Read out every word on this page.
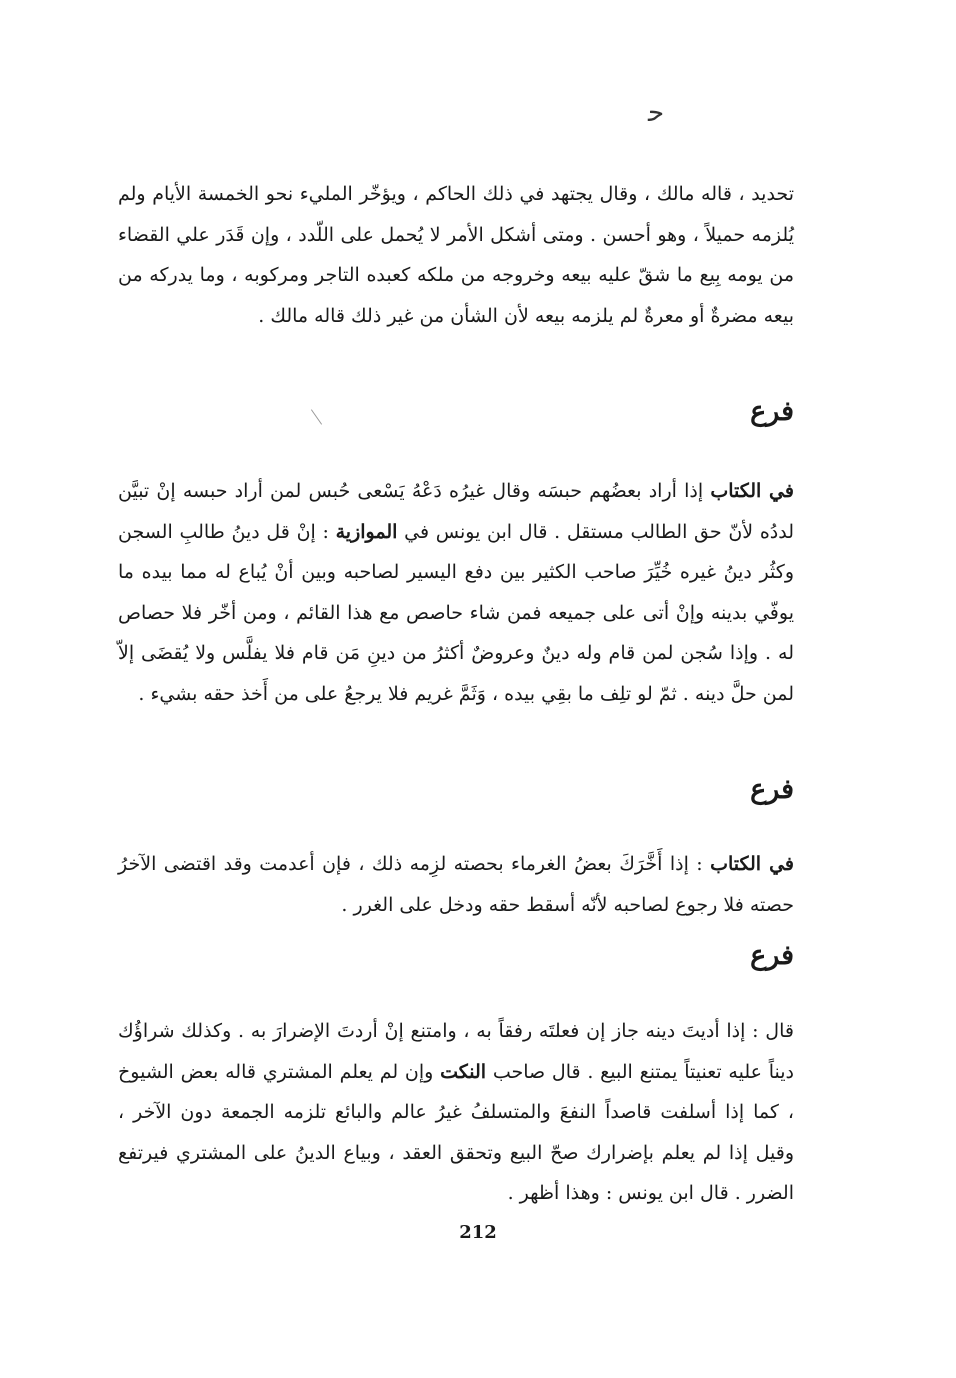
ﺣ

تحديد ، قاله مالك ، وقال يجتهد في ذلك الحاكم ، ويؤخّر المليء نحو الخمسة الأيام ولم يُلزمه حميلاً ، وهو أحسن . ومتى أشكل الأمر لا يُحمل على اللّدد ، وإن قَدَر علي القضاء من يومه بِيع ما شقّ عليه بيعه وخروجه من ملكه كعبده التاجر ومركوبه ، وما يدركه من بيعه مضرةٌ أو معرةٌ لم يلزمه بيعه لأن الشأن من غير ذلك قاله مالك .

فرع

في الكتاب إذا أراد بعضُهم حبسَه وقال غيرُه دَعْهُ يَسْعى حُبس لمن أراد حبسه إنْ تبيَّن لددُه لأنّ حق الطالب مستقل . قال ابن يونس في الموازية : إنْ قل دينُ طالبِ السجن وكثُر دينُ غيره خُيِّرَ صاحب الكثير بين دفع اليسير لصاحبه وبين أنْ يُباع له مما بيده ما يوفّي بدينه وإنْ أتى على جميعه فمن شاء حاصص مع هذا القائم ، ومن أخّر فلا حصاص له . وإذا سُجن لمن قام وله دينٌ وعروضٌ أكثرُ من دينِ مَن قام فلا يفلَّس ولا يُقضَى إلاّ لمن حلَّ دينه . ثمّ لو تلِف ما بقِي بيده ، وَثَمَّ غريم فلا يرجعُ على من أَخذ حقه بشيء .

فرع

في الكتاب : إذا أَخَّرَكَ بعضُ الغرماء بحصته لزِمه ذلك ، فإن أعدمت وقد اقتضى الآخرُ حصته فلا رجوع لصاحبه لأنّه أسقط حقه ودخل على الغرر .

فرع

قال : إذا أديتَ دينه جاز إن فعلتَه رفقاً به ، وامتنع إنْ أردتَ الإضرارَ به . وكذلك شراؤُك ديناً عليه تعنيتاً يمتنع البيع . قال صاحب النكت وإن لم يعلم المشتري قاله بعض الشيوخ ، كما إذا أسلفت قاصداً النفعَ والمتسلفُ غيرُ عالم والبائع تلزمه الجمعة دون الآخر ، وقيل إذا لم يعلم بإضرارك صحّ البيع وتحقق العقد ، وبياع الدينُ على المشتري فيرتفع الضرر . قال ابن يونس : وهذا أظهر .

212
